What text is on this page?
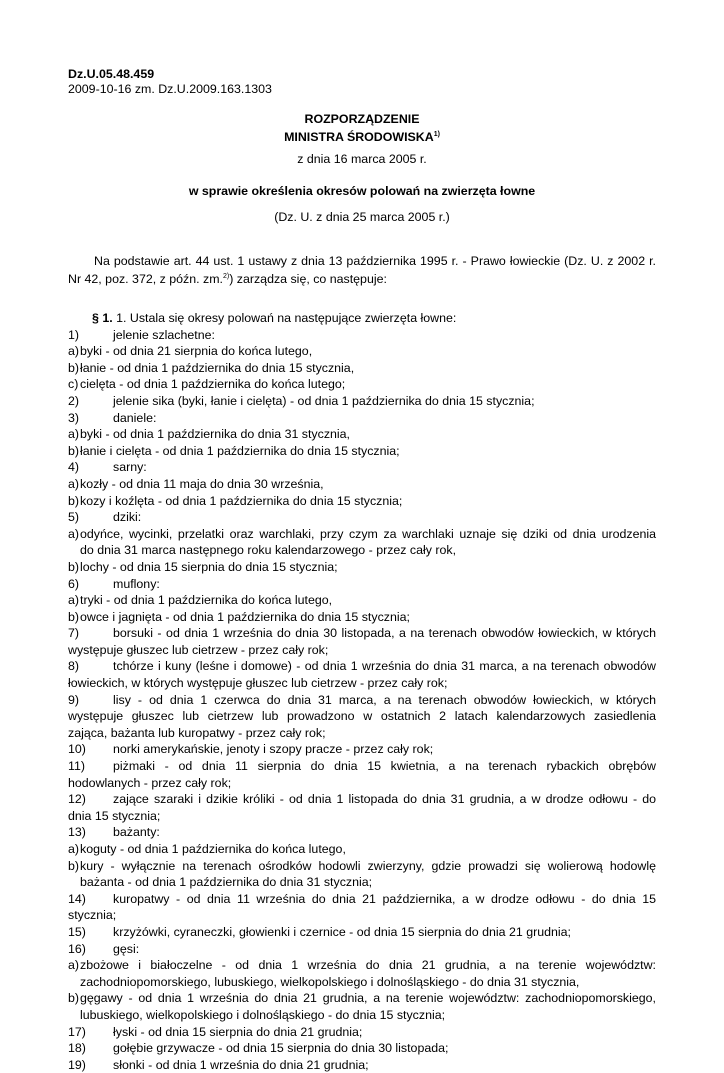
Dz.U.05.48.459
2009-10-16 zm. Dz.U.2009.163.1303
ROZPORZĄDZENIE
MINISTRA ŚRODOWISKA$^{1)}$
z dnia 16 marca 2005 r.
w sprawie określenia okresów polowań na zwierzęta łowne
(Dz. U. z dnia 25 marca 2005 r.)
Na podstawie art. 44 ust. 1 ustawy z dnia 13 października 1995 r. - Prawo łowieckie (Dz. U. z 2002 r. Nr 42, poz. 372, z późn. zm.$^{2)}$) zarządza się, co następuje:
§ 1. 1. Ustala się okresy polowań na następujące zwierzęta łowne:
1)	jelenie szlachetne:
a)byki - od dnia 21 sierpnia do końca lutego,
b)łanie - od dnia 1 października do dnia 15 stycznia,
c) cielęta - od dnia 1 października do końca lutego;
2)	jelenie sika (byki, łanie i cielęta) - od dnia 1 października do dnia 15 stycznia;
3)	daniele:
a)byki - od dnia 1 października do dnia 31 stycznia,
b)łanie i cielęta - od dnia 1 października do dnia 15 stycznia;
4)	sarny:
a)kozły - od dnia 11 maja do dnia 30 września,
b)kozy i koźlęta - od dnia 1 października do dnia 15 stycznia;
5)	dziki:
a)odyńce, wycinki, przelatki oraz warchlaki, przy czym za warchlaki uznaje się dziki od dnia urodzenia
do dnia 31 marca następnego roku kalendarzowego - przez cały rok,
b)lochy - od dnia 15 sierpnia do dnia 15 stycznia;
6)	muflony:
a)tryki - od dnia 1 października do końca lutego,
b)owce i jagnięta - od dnia 1 października do dnia 15 stycznia;
7)	borsuki - od dnia 1 września do dnia 30 listopada, a na terenach obwodów łowieckich, w których
występuje głuszec lub cietrzew - przez cały rok;
8)	tchórze i kuny (leśne i domowe) - od dnia 1 września do dnia 31 marca, a na terenach obwodów
łowieckich, w których występuje głuszec lub cietrzew - przez cały rok;
9)	lisy - od dnia 1 czerwca do dnia 31 marca, a na terenach obwodów łowieckich, w których
występuje głuszec lub cietrzew lub prowadzono w ostatnich 2 latach kalendarzowych zasiedlenia
zająca, bażanta lub kuropatwy - przez cały rok;
10) norki amerykańskie, jenoty i szopy pracze - przez cały rok;
11) piżmaki - od dnia 11 sierpnia do dnia 15 kwietnia, a na terenach rybackich obrębów
hodowlanych - przez cały rok;
12) zające szaraki i dzikie króliki - od dnia 1 listopada do dnia 31 grudnia, a w drodze odłowu - do
dnia 15 stycznia;
13) bażanty:
a)koguty - od dnia 1 października do końca lutego,
b)kury - wyłącznie na terenach ośrodków hodowli zwierzyny, gdzie prowadzi się wolierową hodowlę
bażanta - od dnia 1 października do dnia 31 stycznia;
14) kuropatwy - od dnia 11 września do dnia 21 października, a w drodze odłowu - do dnia 15
stycznia;
15) krzyżówki, cyraneczki, głowienki i czernice - od dnia 15 sierpnia do dnia 21 grudnia;
16) gęsi:
a)zbożowe i białoczelne - od dnia 1 września do dnia 21 grudnia, a na terenie województw:
zachodniopomorskiego, lubuskiego, wielkopolskiego i dolnośląskiego - do dnia 31 stycznia,
b)gęgawy - od dnia 1 września do dnia 21 grudnia, a na terenie województw: zachodniopomorskiego,
lubuskiego, wielkopolskiego i dolnośląskiego - do dnia 15 stycznia;
17) łyski - od dnia 15 sierpnia do dnia 21 grudnia;
18) gołębie grzywacze - od dnia 15 sierpnia do dnia 30 listopada;
19) słonki - od dnia 1 września do dnia 21 grudnia;
